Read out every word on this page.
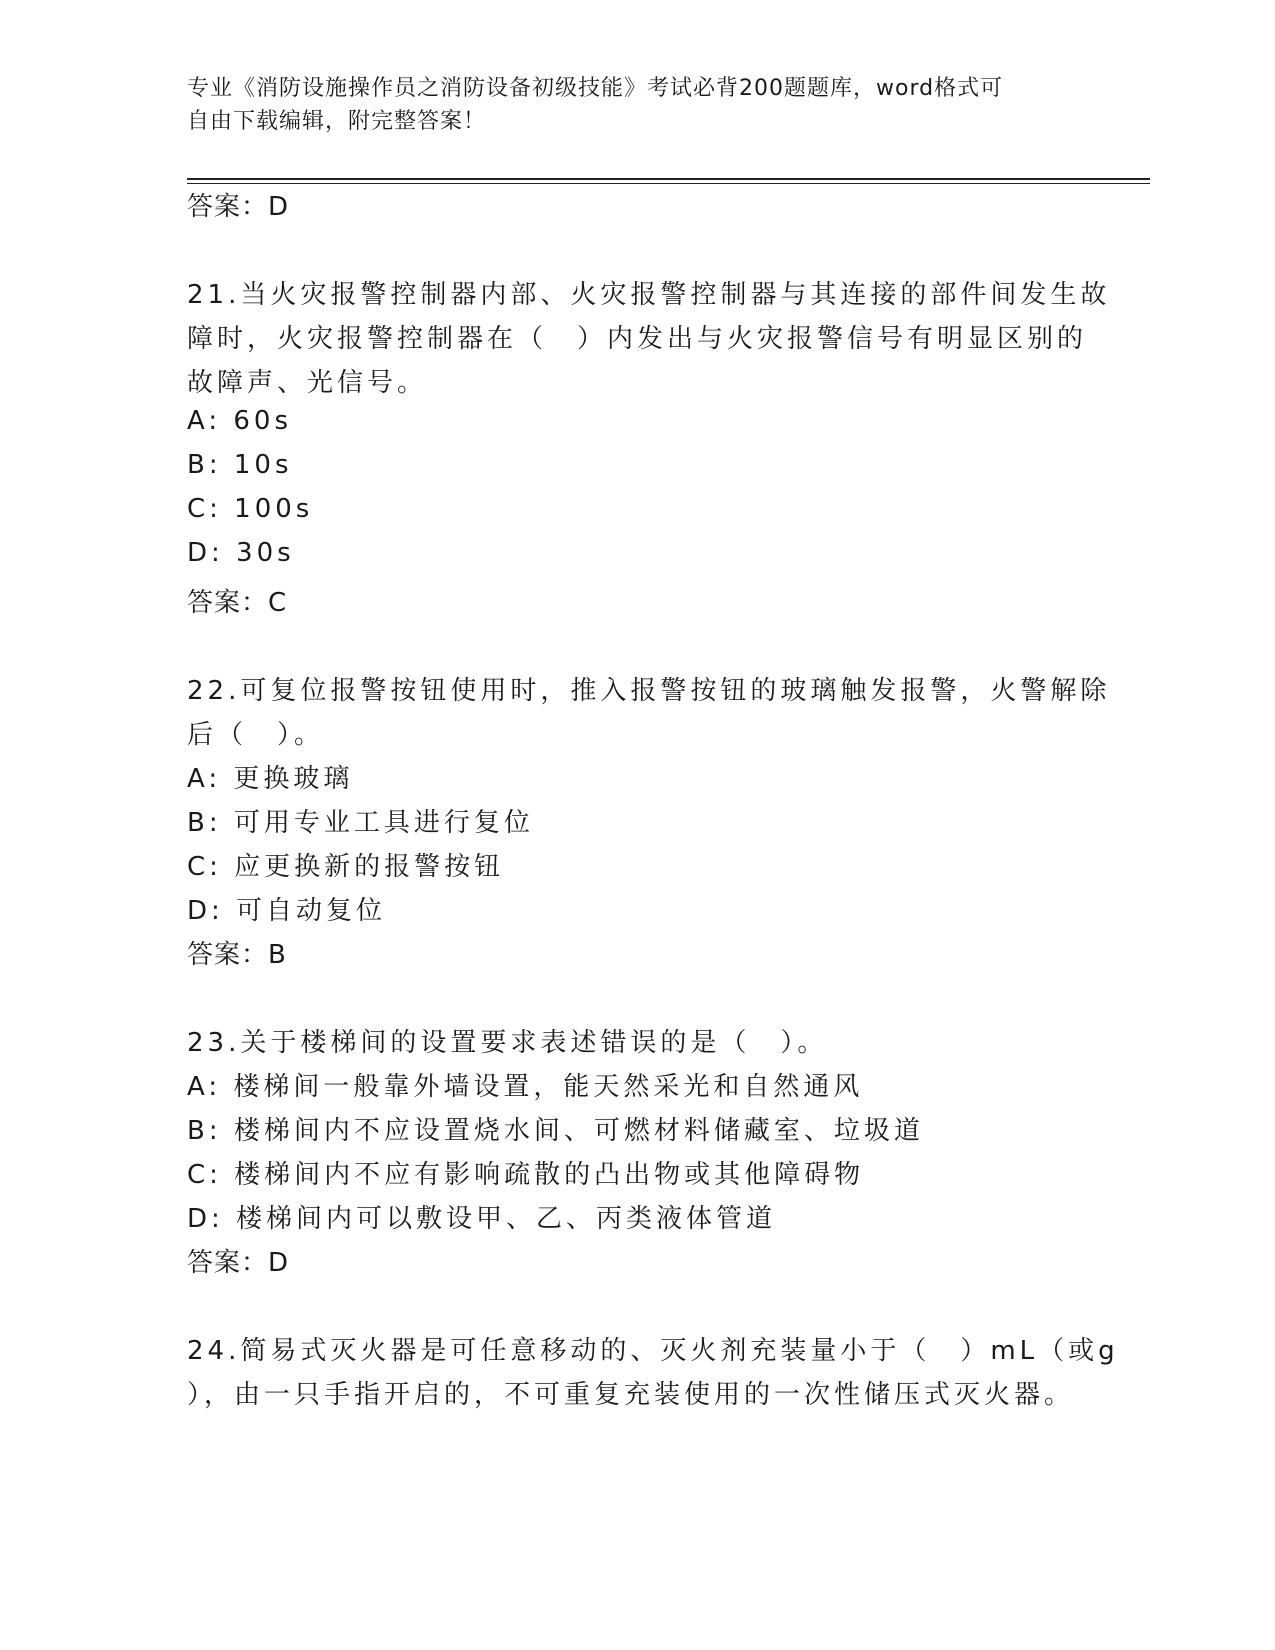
专业《消防设施操作员之消防设备初级技能》考试必背200题题库，word格式可
自由下载编辑，附完整答案！
答案：D
21.当火灾报警控制器内部、火灾报警控制器与其连接的部件间发生故
障时，火灾报警控制器在（　）内发出与火灾报警信号有明显区别的
故障声、光信号。
A: 60s
B: 10s
C: 100s
D: 30s
答案：C
22.可复位报警按钮使用时，推入报警按钮的玻璃触发报警，火警解除
后（　）。
A: 更换玻璃
B: 可用专业工具进行复位
C: 应更换新的报警按钮
D: 可自动复位
答案：B
23.关于楼梯间的设置要求表述错误的是（　）。
A: 楼梯间一般靠外墙设置，能天然采光和自然通风
B: 楼梯间内不应设置烧水间、可燃材料储藏室、垃圾道
C: 楼梯间内不应有影响疏散的凸出物或其他障碍物
D: 楼梯间内可以敷设甲、乙、丙类液体管道
答案：D
24.简易式灭火器是可任意移动的、灭火剂充装量小于（　）mL（或g
），由一只手指开启的，不可重复充装使用的一次性储压式灭火器。
